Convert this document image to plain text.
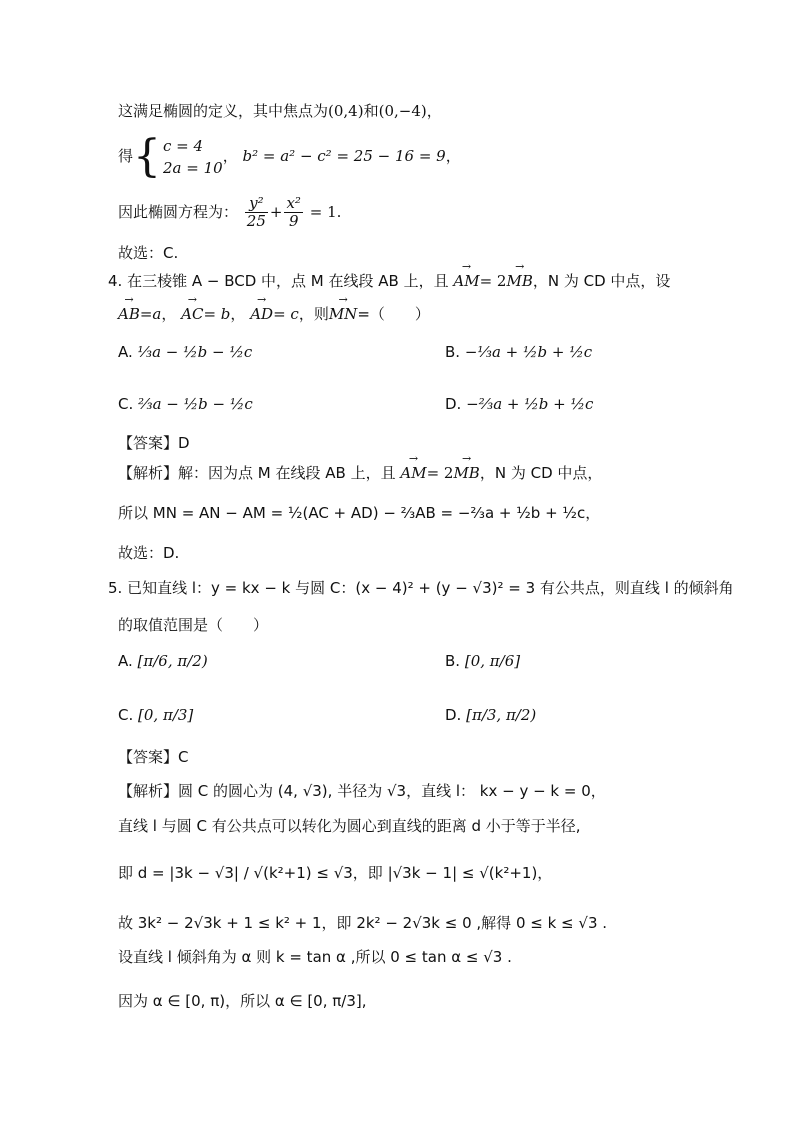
这满足椭圆的定义，其中焦点为(0,4)和(0,−4)，
得{ c = 4
2a = 10
， b² = a² − c² = 25 − 16 = 9，
因此椭圆方程为： $\frac{\text{y²}}{25} + \frac{\text{x²}}{9} = 1$.
故选：C.
4. 在三棱锥 A − BCD 中，点 M 在线段 AB 上，且 → AM= 2→ MB，N 为 CD 中点，设
→ AB=a， → AC= b， → AD= c，则→ MN=（　　）
A. ⅓a − ½b − ½c	B. −⅓a + ½b + ½c
C. ⅔a − ½b − ½c	D. −⅔a + ½b + ½c
【答案】D
【解析】解：因为点 M 在线段 AB 上，且 → AM= 2→ MB，N 为 CD 中点，
所以 MN = AN − AM = ½(AC + AD) − ⅔AB = −⅔a + ½b + ½c，
故选：D.
5. 已知直线 l：y = kx − k 与圆 C：(x − 4)² + (y − √3)² = 3 有公共点，则直线 l 的倾斜角
的取值范围是（　　）
A. [π/6, π/2)	B. [0, π/6]
C. [0, π/3]	D. [π/3, π/2)
【答案】C
【解析】圆 C 的圆心为 (4, √3), 半径为 √3，直线 l： kx − y − k = 0，
直线 l 与圆 C 有公共点可以转化为圆心到直线的距离 d 小于等于半径,
即 d = |3k − √3| / √(k²+1) ≤ √3，即 |√3k − 1| ≤ √(k²+1)，
故 3k² − 2√3k + 1 ≤ k² + 1，即 2k² − 2√3k ≤ 0 ,解得 0 ≤ k ≤ √3 .
设直线 l 倾斜角为 α 则 k = tan α ,所以 0 ≤ tan α ≤ √3 .
因为 α ∈ [0, π)，所以 α ∈ [0, π/3],
